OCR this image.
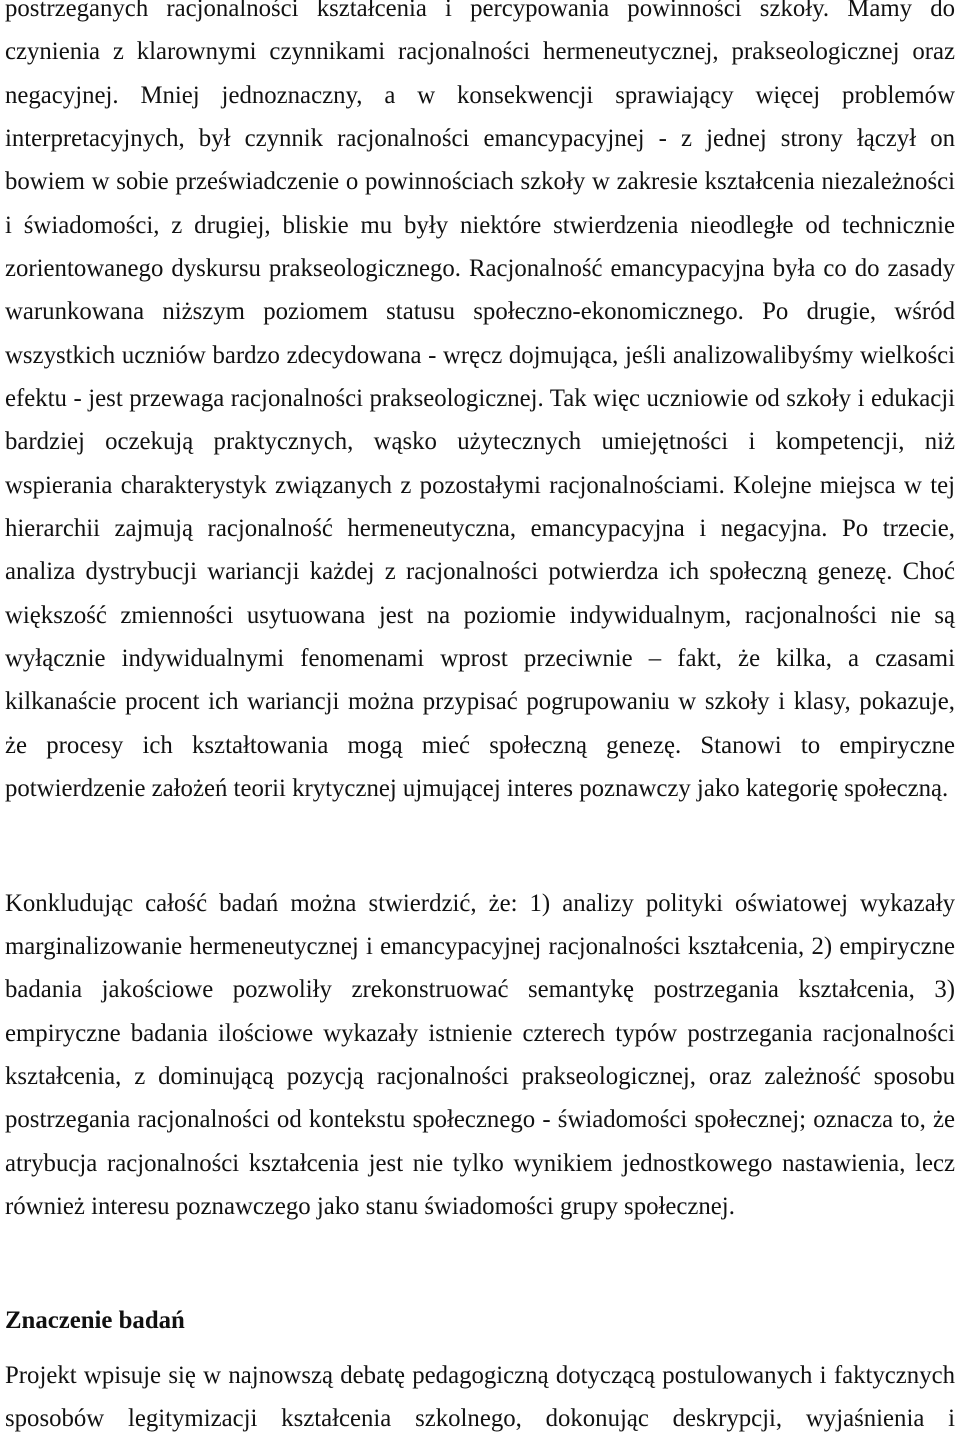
postrzeganych racjonalności kształcenia i percypowania powinności szkoły. Mamy do
czynienia z klarownymi czynnikami racjonalności hermeneutycznej, prakseologicznej oraz
negacyjnej. Mniej jednoznaczny, a w konsekwencji sprawiający więcej problemów
interpretacyjnych, był czynnik racjonalności emancypacyjnej - z jednej strony łączył on
bowiem w sobie przeświadczenie o powinnościach szkoły w zakresie kształcenia niezależności
i świadomości, z drugiej, bliskie mu były niektóre stwierdzenia nieodległe od technicznie
zorientowanego dyskursu prakseologicznego. Racjonalność emancypacyjna była co do zasady
warunkowana niższym poziomem statusu społeczno-ekonomicznego. Po drugie, wśród
wszystkich uczniów bardzo zdecydowana - wręcz dojmująca, jeśli analizowalibyśmy wielkości
efektu - jest przewaga racjonalności prakseologicznej. Tak więc uczniowie od szkoły i edukacji
bardziej oczekują praktycznych, wąsko użytecznych umiejętności i kompetencji, niż
wspierania charakterystyk związanych z pozostałymi racjonalnościami. Kolejne miejsca w tej
hierarchii zajmują racjonalność hermeneutyczna, emancypacyjna i negacyjna. Po trzecie,
analiza dystrybucji wariancji każdej z racjonalności potwierdza ich społeczną genezę. Choć
większość zmienności usytuowana jest na poziomie indywidualnym, racjonalności nie są
wyłącznie indywidualnymi fenomenami wprost przeciwnie – fakt, że kilka, a czasami
kilkanaście procent ich wariancji można przypisać pogrupowaniu w szkoły i klasy, pokazuje,
że procesy ich kształtowania mogą mieć społeczną genezę. Stanowi to empiryczne
potwierdzenie założeń teorii krytycznej ujmującej interes poznawczy jako kategorię społeczną.
Konkludując całość badań można stwierdzić, że: 1) analizy polityki oświatowej wykazały
marginalizowanie hermeneutycznej i emancypacyjnej racjonalności kształcenia, 2) empiryczne
badania jakościowe pozwoliły zrekonstruować semantykę postrzegania kształcenia, 3)
empiryczne badania ilościowe wykazały istnienie czterech typów postrzegania racjonalności
kształcenia, z dominującą pozycją racjonalności prakseologicznej, oraz zależność sposobu
postrzegania racjonalności od kontekstu społecznego - świadomości społecznej; oznacza to, że
atrybucja racjonalności kształcenia jest nie tylko wynikiem jednostkowego nastawienia, lecz
również interesu poznawczego jako stanu świadomości grupy społecznej.
Znaczenie badań
Projekt wpisuje się w najnowszą debatę pedagogiczną dotyczącą postulowanych i faktycznych
sposobów legitymizacji kształcenia szkolnego, dokonując deskrypcji, wyjaśnienia i
